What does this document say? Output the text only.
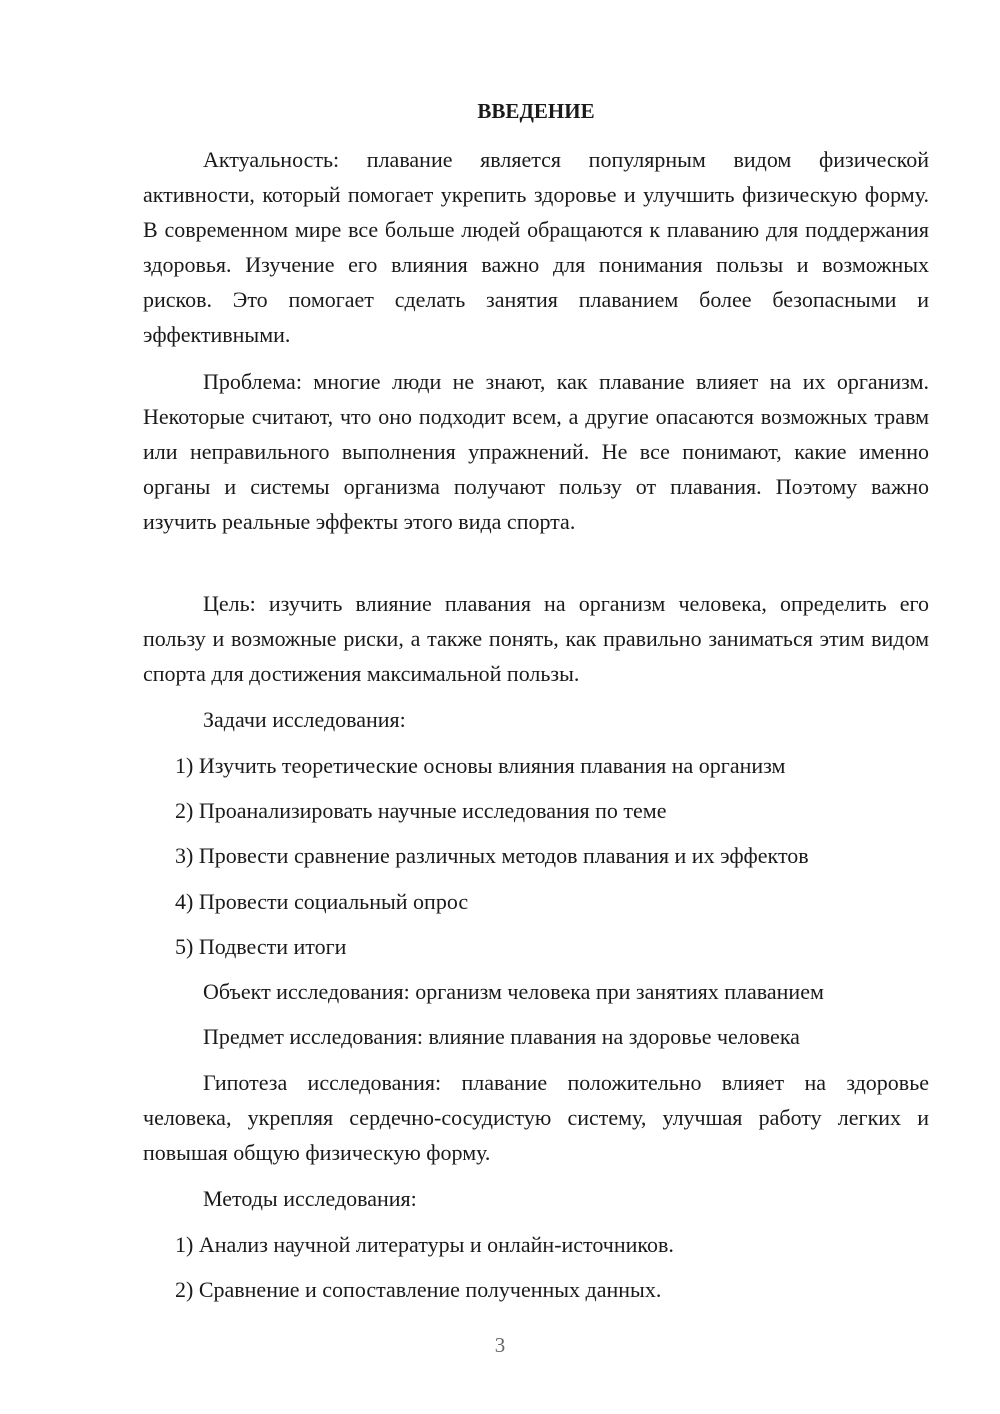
ВВЕДЕНИЕ

Актуальность: плавание является популярным видом физической активности, который помогает укрепить здоровье и улучшить физическую форму. В современном мире все больше людей обращаются к плаванию для поддержания здоровья. Изучение его влияния важно для понимания пользы и возможных рисков. Это помогает сделать занятия плаванием более безопасными и эффективными.

Проблема: многие люди не знают, как плавание влияет на их организм. Некоторые считают, что оно подходит всем, а другие опасаются возможных травм или неправильного выполнения упражнений. Не все понимают, какие именно органы и системы организма получают пользу от плавания. Поэтому важно изучить реальные эффекты этого вида спорта.

Цель: изучить влияние плавания на организм человека, определить его пользу и возможные риски, а также понять, как правильно заниматься этим видом спорта для достижения максимальной пользы.

Задачи исследования:

1) Изучить теоретические основы влияния плавания на организм

2) Проанализировать научные исследования по теме

3) Провести сравнение различных методов плавания и их эффектов

4) Провести социальный опрос

5) Подвести итоги

Объект исследования: организм человека при занятиях плаванием

Предмет исследования: влияние плавания на здоровье человека

Гипотеза исследования: плавание положительно влияет на здоровье человека, укрепляя сердечно-сосудистую систему, улучшая работу легких и повышая общую физическую форму.

Методы исследования:

1) Анализ научной литературы и онлайн-источников.

2) Сравнение и сопоставление полученных данных.

3
